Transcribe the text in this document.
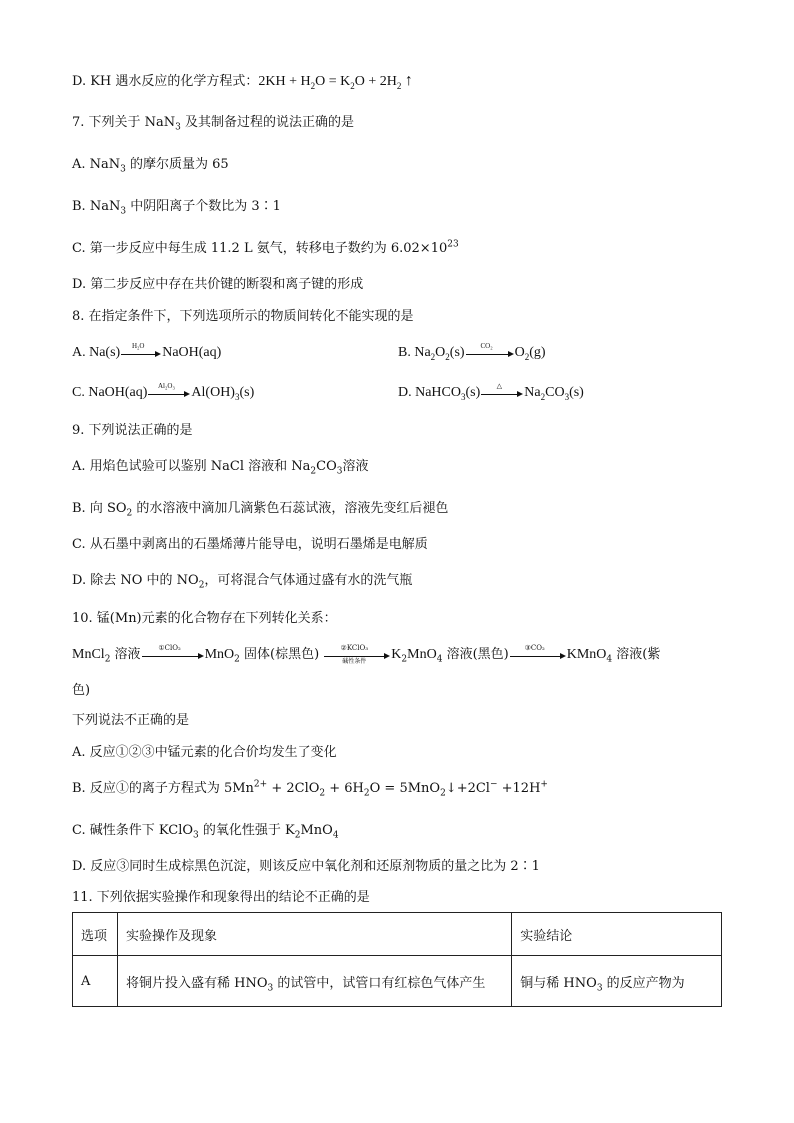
D. KH 遇水反应的化学方程式：$2KH + H_2O = K_2O + 2H_2$ ↑
7. 下列关于 NaN$_3$ 及其制备过程的说法正确的是
A. NaN$_3$ 的摩尔质量为 65
B. NaN$_3$ 中阴阳离子个数比为 3∶1
C. 第一步反应中每生成 11.2 L 氨气，转移电子数约为 $6.02\times 10^{23}$
D. 第二步反应中存在共价键的断裂和离子键的形成
8. 在指定条件下，下列选项所示的物质间转化不能实现的是
A. Na(s)	H₂O	NaOH(aq)	B. $Na_2O_2(s)$	CO₂	$O_2(g)$
C. NaOH(aq)	Al₂O₃	$Al(OH)_3(s)$	D. NaHCO$_3$(s)	△	$Na_2CO_3(s)$
9. 下列说法正确的是
A. 用焰色试验可以鉴别 NaCl 溶液和 $Na_2CO_3$溶液
B. 向 $SO_2$ 的水溶液中滴加几滴紫色石蕊试液，溶液先变红后褪色
C. 从石墨中剥离出的石墨烯薄片能导电，说明石墨烯是电解质
D. 除去 NO 中的 $NO_2$，可将混合气体通过盛有水的洗气瓶
10. 锰(Mn)元素的化合物存在下列转化关系：
MnCl$_2$ 溶液	①ClO₂	MnO$_2$ 固体(棕黑色)	②KClO₃
碱性条件	$K_2MnO_4$ 溶液(黑色)	③CO₂	KMnO$_4$ 溶液(紫
色)
下列说法不正确的是
A. 反应①②③中锰元素的化合价均发生了变化
B. 反应①的离子方程式为 $5Mn^{2+} + 2ClO_2 + 6H_2O$ = 5MnO$_2$↓+2Cl− +12H+
C. 碱性条件下 KClO$_3$ 的氧化性强于 $K_2MnO_4$
D. 反应③同时生成棕黑色沉淀，则该反应中氧化剂和还原剂物质的量之比为 2∶1
11. 下列依据实验操作和现象得出的结论不正确的是
选项	实验操作及现象	实验结论
A	将铜片投入盛有稀 $HNO_3$ 的试管中，试管口有红棕色气体产生	铜与稀 $HNO_3$ 的反应产物为
